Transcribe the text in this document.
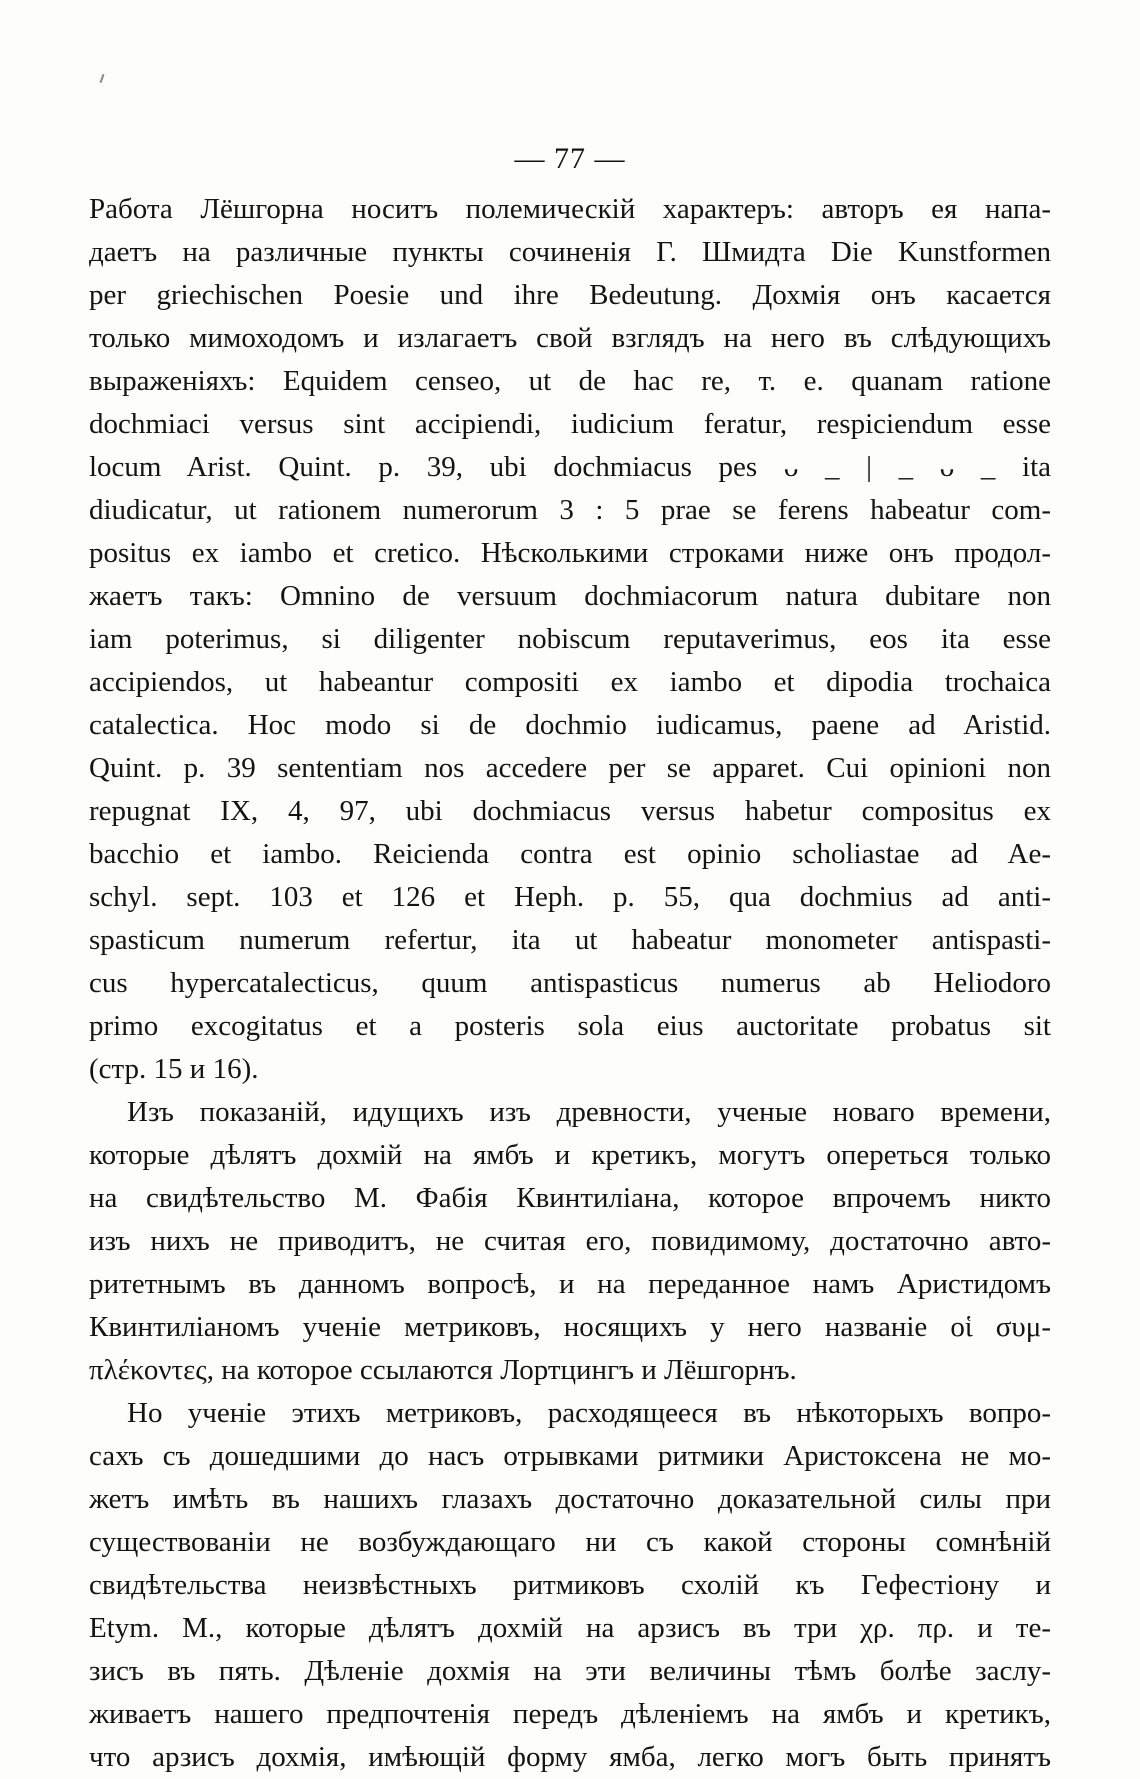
— 77 —
Работа Лёшгорна носитъ полемическій характеръ: авторъ ея напа-
даетъ на различные пункты сочиненія Г. Шмидта Die Kunstformen
per griechischen Poesie und ihre Bedeutung. Дохмія онъ касается
только мимоходомъ и излагаетъ свой взглядъ на него въ слѣдующихъ
выраженіяхъ: Equidem censeo, ut de hac re, т. е. quanam ratione
dochmiaci versus sint accipiendi, iudicium feratur, respiciendum esse
locum Arist. Quint. p. 39, ubi dochmiacus pes ᴗ _ | _ ᴗ _ ita
diudicatur, ut rationem numerorum 3 : 5 prae se ferens habeatur com-
positus ex iambo et cretico. Нѣсколькими строками ниже онъ продол-
жаетъ такъ: Omnino de versuum dochmiacorum natura dubitare non
iam poterimus, si diligenter nobiscum reputaverimus, eos ita esse
accipiendos, ut habeantur compositi ex iambo et dipodia trochaica
catalectica. Hoc modo si de dochmio iudicamus, paene ad Aristid.
Quint. p. 39 sententiam nos accedere per se apparet. Cui opinioni non
repugnat IX, 4, 97, ubi dochmiacus versus habetur compositus ex
bacchio et iambo. Reicienda contra est opinio scholiastae ad Ae-
schyl. sept. 103 et 126 et Heph. p. 55, qua dochmius ad anti-
spasticum numerum refertur, ita ut habeatur monometer antispasti-
cus hypercatalecticus, quum antispasticus numerus ab Heliodoro
primo excogitatus et a posteris sola eius auctoritate probatus sit
(стр. 15 и 16).
Изъ показаній, идущихъ изъ древности, ученые новаго времени,
которые дѣлятъ дохмій на ямбъ и кретикъ, могутъ опереться только
на свидѣтельство М. Фабія Квинтиліана, которое впрочемъ никто
изъ нихъ не приводитъ, не считая его, повидимому, достаточно авто-
ритетнымъ въ данномъ вопросѣ, и на переданное намъ Аристидомъ
Квинтиліаномъ ученіе метриковъ, носящихъ у него названіе οἱ συμ-
πλέκοντες, на которое ссылаются Лортцингъ и Лёшгорнъ.
Но ученіе этихъ метриковъ, расходящееся въ нѣкоторыхъ вопро-
сахъ съ дошедшими до насъ отрывками ритмики Аристоксена не мо-
жетъ имѣть въ нашихъ глазахъ достаточно доказательной силы при
существованіи не возбуждающаго ни съ какой стороны сомнѣній
свидѣтельства неизвѣстныхъ ритмиковъ схолій къ Гефестіону и
Etym. M., которые дѣлятъ дохмій на арзисъ въ три χρ. πρ. и те-
зисъ въ пять. Дѣленіе дохмія на эти величины тѣмъ болѣе заслу-
живаетъ нашего предпочтенія передъ дѣленіемъ на ямбъ и кретикъ,
что арзисъ дохмія, имѣющій форму ямба, легко могъ быть принятъ
